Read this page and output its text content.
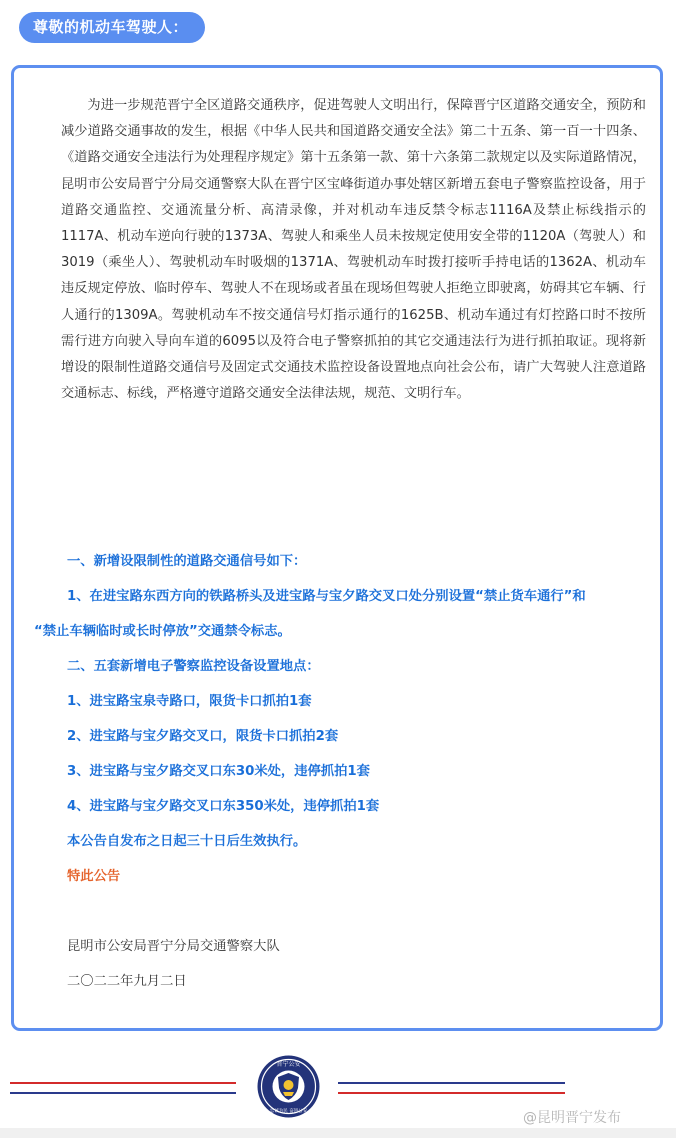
尊敬的机动车驾驶人：

为进一步规范晋宁全区道路交通秩序，促进驾驶人文明出行，保障晋宁区道路交通安全，预防和减少道路交通事故的发生，根据《中华人民共和国道路交通安全法》第二十五条、第一百一十四条、《道路交通安全违法行为处理程序规定》第十五条第一款、第十六条第二款规定以及实际道路情况，昆明市公安局晋宁分局交通警察大队在晋宁区宝峰街道办事处辖区新增五套电子警察监控设备，用于道路交通监控、交通流量分析、高清录像，并对机动车违反禁令标志1116A及禁止标线指示的1117A、机动车逆向行驶的1373A、驾驶人和乘坐人员未按规定使用安全带的1120A（驾驶人）和3019（乘坐人）、驾驶机动车时吸烟的1371A、驾驶机动车时拨打接听手持电话的1362A、机动车违反规定停放、临时停车、驾驶人不在现场或者虽在现场但驾驶人拒绝立即驶离，妨碍其它车辆、行人通行的1309A。驾驶机动车不按交通信号灯指示通行的1625B、机动车通过有灯控路口时不按所需行进方向驶入导向车道的6095以及符合电子警察抓拍的其它交通违法行为进行抓拍取证。现将新增设的限制性道路交通信号及固定式交通技术监控设备设置地点向社会公布，请广大驾驶人注意道路交通标志、标线，严格遵守道路交通安全法律法规，规范、文明行车。

一、新增设限制性的道路交通信号如下：

1、在进宝路东西方向的铁路桥头及进宝路与宝夕路交叉口处分别设置“禁止货车通行”和

“禁止车辆临时或长时停放”交通禁令标志。

二、五套新增电子警察监控设备设置地点：

1、进宝路宝泉寺路口，限货卡口抓拍1套

2、进宝路与宝夕路交叉口，限货卡口抓拍2套

3、进宝路与宝夕路交叉口东30米处，违停抓拍1套

4、进宝路与宝夕路交叉口东350米处，违停抓拍1套

本公告自发布之日起三十日后生效执行。

特此公告

昆明市公安局晋宁分局交通警察大队

二〇二二年九月二日

晋宁公安
忠诚为民 奋进公安	@昆明晋宁发布
